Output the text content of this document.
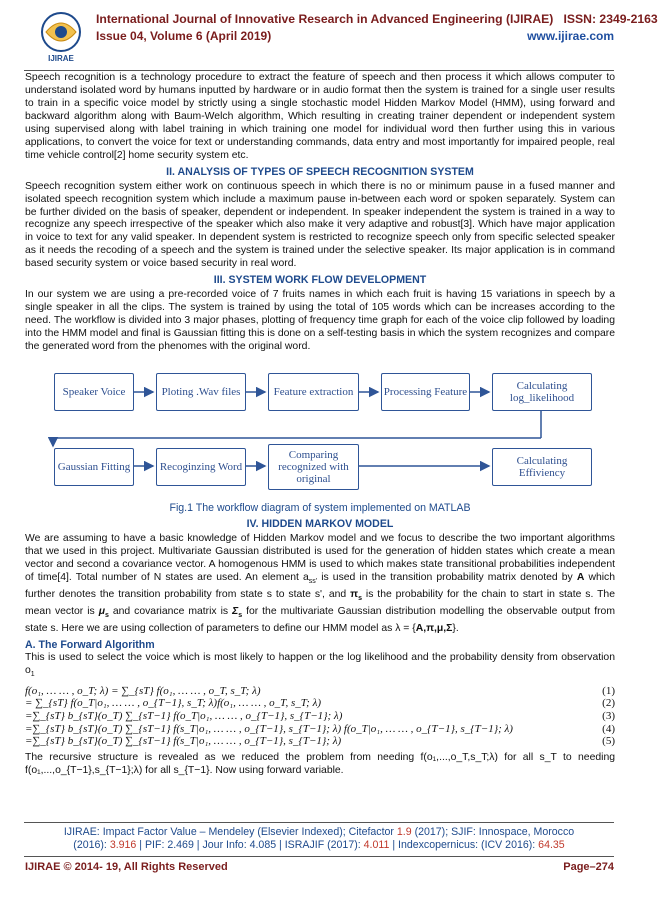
IJIRAE
International Journal of Innovative Research in Advanced Engineering (IJIRAE) ISSN: 2349-2163
Issue 04, Volume 6 (April 2019)	www.ijirae.com

Speech recognition is a technology procedure to extract the feature of speech and then process it which allows computer to understand isolated word by humans inputted by hardware or in audio format then the system is trained for a single user results to train in a specific voice model by strictly using a single stochastic model Hidden Markov Model (HMM), using forward and backward algorithm along with Baum-Welch algorithm, Which resulting in creating trainer dependent or independent system using supervised along with label training in which training one model for individual word then further using this in various applications, to convert the voice for text or understanding commands, data entry and most importantly for impaired people, real time vehicle control[2] home security system etc.

II. ANALYSIS OF TYPES OF SPEECH RECOGNITION SYSTEM

Speech recognition system either work on continuous speech in which there is no or minimum pause in a fused manner and isolated speech recognition system which include a maximum pause in-between each word or spoken separately. System can be further divided on the basis of speaker, dependent or independent. In speaker independent the system is trained in a way to recognize any speech irrespective of the speaker which also make it very adaptive and robust[3]. Which have major application in voice to text for any valid speaker. In dependent system is restricted to recognize speech only from specific selected speaker as it needs the recoding of a speech and the system is trained under the selective speaker. Its major application is in command based security system or voice based security in real word.

III. SYSTEM WORK FLOW DEVELOPMENT

In our system we are using a pre-recorded voice of 7 fruits names in which each fruit is having 15 variations in speech by a single speaker in all the clips. The system is trained by using the total of 105 words which can be increases according to the need. The workflow is divided into 3 major phases, plotting of frequency time graph for each of the voice clip followed by loading into the HMM model and final is Gaussian fitting this is done on a self-testing basis in which the system recognizes and compare the generated word from the phenomes with the original word.

Speaker Voice	Ploting .Wav files	Feature extraction	Processing Feature	Calculating log_likelihood
Gaussian Fitting	Recoginzing Word
Comparing recognized with original
Calculating Effiviency
Fig.1 The workflow diagram of system implemented on MATLAB
IV. HIDDEN MARKOV MODEL

We are assuming to have a basic knowledge of Hidden Markov model and we focus to describe the two important algorithms that we used in this project. Multivariate Gaussian distributed is used for the generation of hidden states which create a mean vector and second a covariance vector. A homogenous HMM is used to which makes state transitional probabilities independent of time[4]. Total number of N states are used. An element $a_{ss'}$ is used in the transition probability matrix denoted by A which further denotes the transition probability from state s to state s', and $\pi_s$ is the probability for the chain to start in state s. The mean vector is $\mu_s$ and covariance matrix is $\Sigma_s$ for the multivariate Gaussian distribution modelling the observable output from state s. Here we are using collection of parameters to define our HMM model as λ = {A,π,μ,Σ}.

A. The Forward Algorithm

This is used to select the voice which is most likely to happen or the log likelihood and the probability density from observation $o_1$

f(o₁, … … , o_T; λ) = ∑_{sT} f(o₁, … … , o_T, s_T; λ)	(1)
= ∑_{sT} f(o_T|o₁, … … , o_{T−1}, s_T; λ)f(o₁, … … , o_T, s_T; λ)	(2)
=∑_{sT} b_{sT}(o_T) ∑_{sT−1} f(o_T|o₁, … … , o_{T−1}, s_{T−1}; λ)	(3)
=∑_{sT} b_{sT}(o_T) ∑_{sT−1} f(s_T|o₁, … … , o_{T−1}, s_{T−1}; λ) f(o_T|o₁, … … , o_{T−1}, s_{T−1}; λ)	(4)
=∑_{sT} b_{sT}(o_T) ∑_{sT−1} f(s_T|o₁, … … , o_{T−1}, s_{T−1}; λ)	(5)

The recursive structure is revealed as we reduced the problem from needing f(o₁,...,o_T,s_T;λ) for all s_T to needing f(o₁,...,o_{T−1},s_{T−1};λ) for all s_{T−1}. Now using forward variable.

IJIRAE: Impact Factor Value – Mendeley (Elsevier Indexed); Citefactor 1.9 (2017); SJIF: Innospace, Morocco
(2016): 3.916 | PIF: 2.469 | Jour Info: 4.085 | ISRAJIF (2017): 4.011 | Indexcopernicus: (ICV 2016): 64.35
IJIRAE © 2014- 19, All Rights Reserved	Page–274
